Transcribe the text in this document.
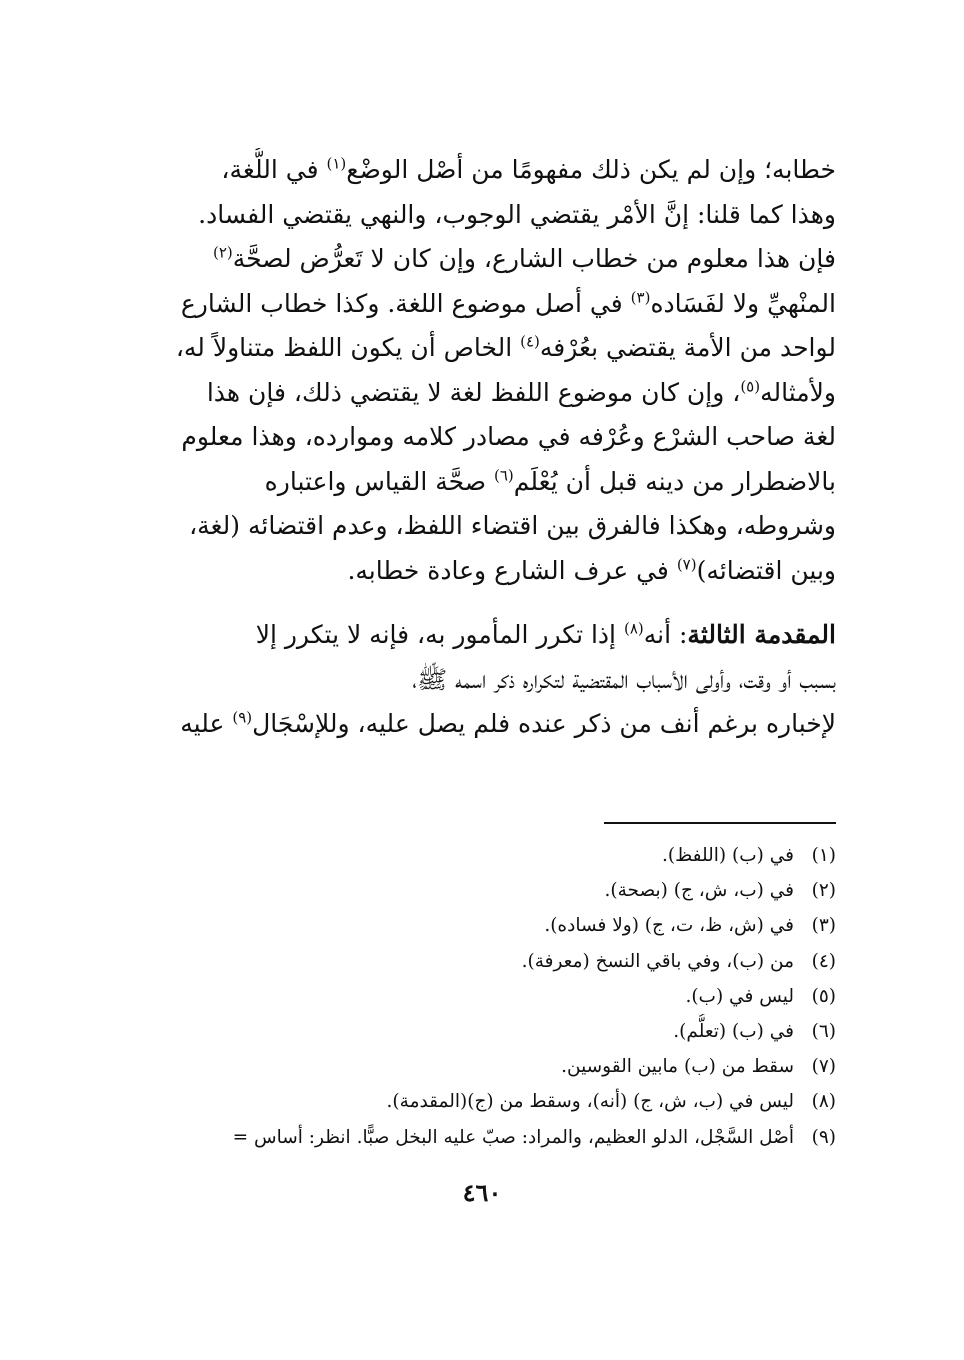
خطابه؛ وإن لم يكن ذلك مفهومًا من أصْل الوضْع$^{(١)}$ في اللُّغة،
وهذا كما قلنا: إنَّ الأمْر يقتضي الوجوب، والنهي يقتضي الفساد.
فإن هذا معلوم من خطاب الشارع، وإن كان لا تَعرُّض لصحَّة$^{(٢)}$
المنْهيِّ ولا لفَسَاده$^{(٣)}$ في أصل موضوع اللغة. وكذا خطاب الشارع
لواحد من الأمة يقتضي بعُرْفه$^{(٤)}$ الخاص أن يكون اللفظ متناولاً له،
ولأمثاله$^{(٥)}$، وإن كان موضوع اللفظ لغة لا يقتضي ذلك، فإن هذا
لغة صاحب الشرْع وعُرْفه في مصادر كلامه وموارده، وهذا معلوم
بالاضطرار من دينه قبل أن يُعْلَم$^{(٦)}$ صحَّة القياس واعتباره
وشروطه، وهكذا فالفرق بين اقتضاء اللفظ، وعدم اقتضائه (لغة،
وبين اقتضائه)$^{(٧)}$ في عرف الشارع وعادة خطابه.
المقدمة الثالثة: أنه$^{(٨)}$ إذا تكرر المأمور به، فإنه لا يتكرر إلا
بسبب أو وقت، وأولى الأسباب المقتضية لتكراره ذكر اسمه ﷺ،
لإخباره برغم أنف من ذكر عنده فلم يصل عليه، وللإسْجَال$^{(٩)}$ عليه
(١)في (ب) (اللفظ).
(٢)في (ب، ش، ج) (بصحة).
(٣)في (ش، ظ، ت، ج) (ولا فساده).
(٤)من (ب)، وفي باقي النسخ (معرفة).
(٥)ليس في (ب).
(٦)في (ب) (تعلُّم).
(٧)سقط من (ب) مابين القوسين.
(٨)ليس في (ب، ش، ج) (أنه)، وسقط من (ج)(المقدمة).
(٩)أصْل السَّجْل، الدلو العظيم، والمراد: صبّ عليه البخل صبًّا. انظر: أساس =
٤٦٠
